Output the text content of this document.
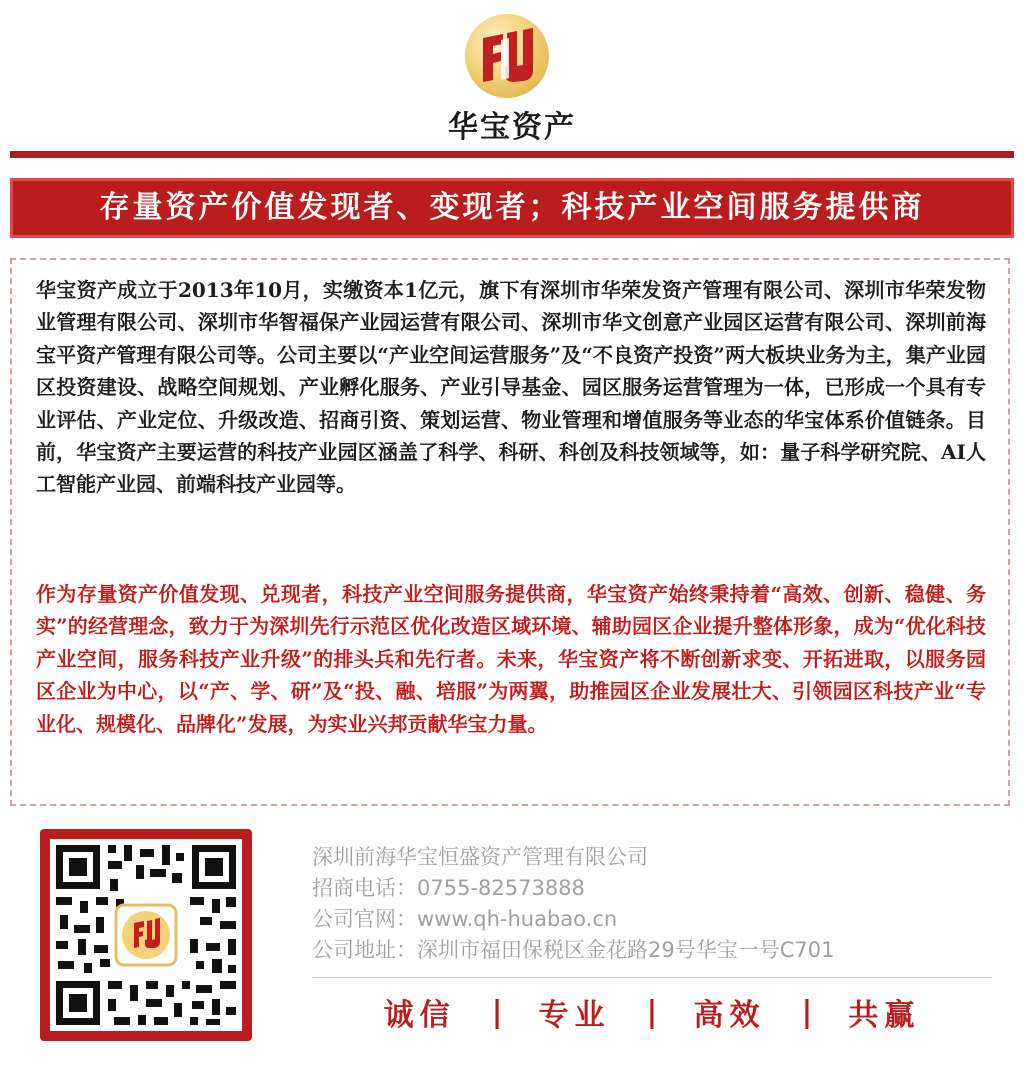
华宝资产
存量资产价值发现者、变现者；科技产业空间服务提供商
华宝资产成立于2013年10月，实缴资本1亿元，旗下有深圳市华荣发资产管理有限公司、深圳市华荣发物业管理有限公司、深圳市华智福保产业园运营有限公司、深圳市华文创意产业园区运营有限公司、深圳前海宝平资产管理有限公司等。公司主要以“产业空间运营服务”及“不良资产投资”两大板块业务为主，集产业园区投资建设、战略空间规划、产业孵化服务、产业引导基金、园区服务运营管理为一体，已形成一个具有专业评估、产业定位、升级改造、招商引资、策划运营、物业管理和增值服务等业态的华宝体系价值链条。目前，华宝资产主要运营的科技产业园区涵盖了科学、科研、科创及科技领域等，如：量子科学研究院、AI人工智能产业园、前端科技产业园等。
作为存量资产价值发现、兑现者，科技产业空间服务提供商，华宝资产始终秉持着“高效、创新、稳健、务实”的经营理念，致力于为深圳先行示范区优化改造区域环境、辅助园区企业提升整体形象，成为“优化科技产业空间，服务科技产业升级”的排头兵和先行者。未来，华宝资产将不断创新求变、开拓进取，以服务园区企业为中心，以“产、学、研”及“投、融、培服”为两翼，助推园区企业发展壮大、引领园区科技产业“专业化、规模化、品牌化”发展，为实业兴邦贡献华宝力量。
深圳前海华宝恒盛资产管理有限公司
招商电话：0755-82573888
公司官网：www.qh-huabao.cn
公司地址：深圳市福田保税区金花路29号华宝一号C701
诚信 | 专业 | 高效 | 共赢
